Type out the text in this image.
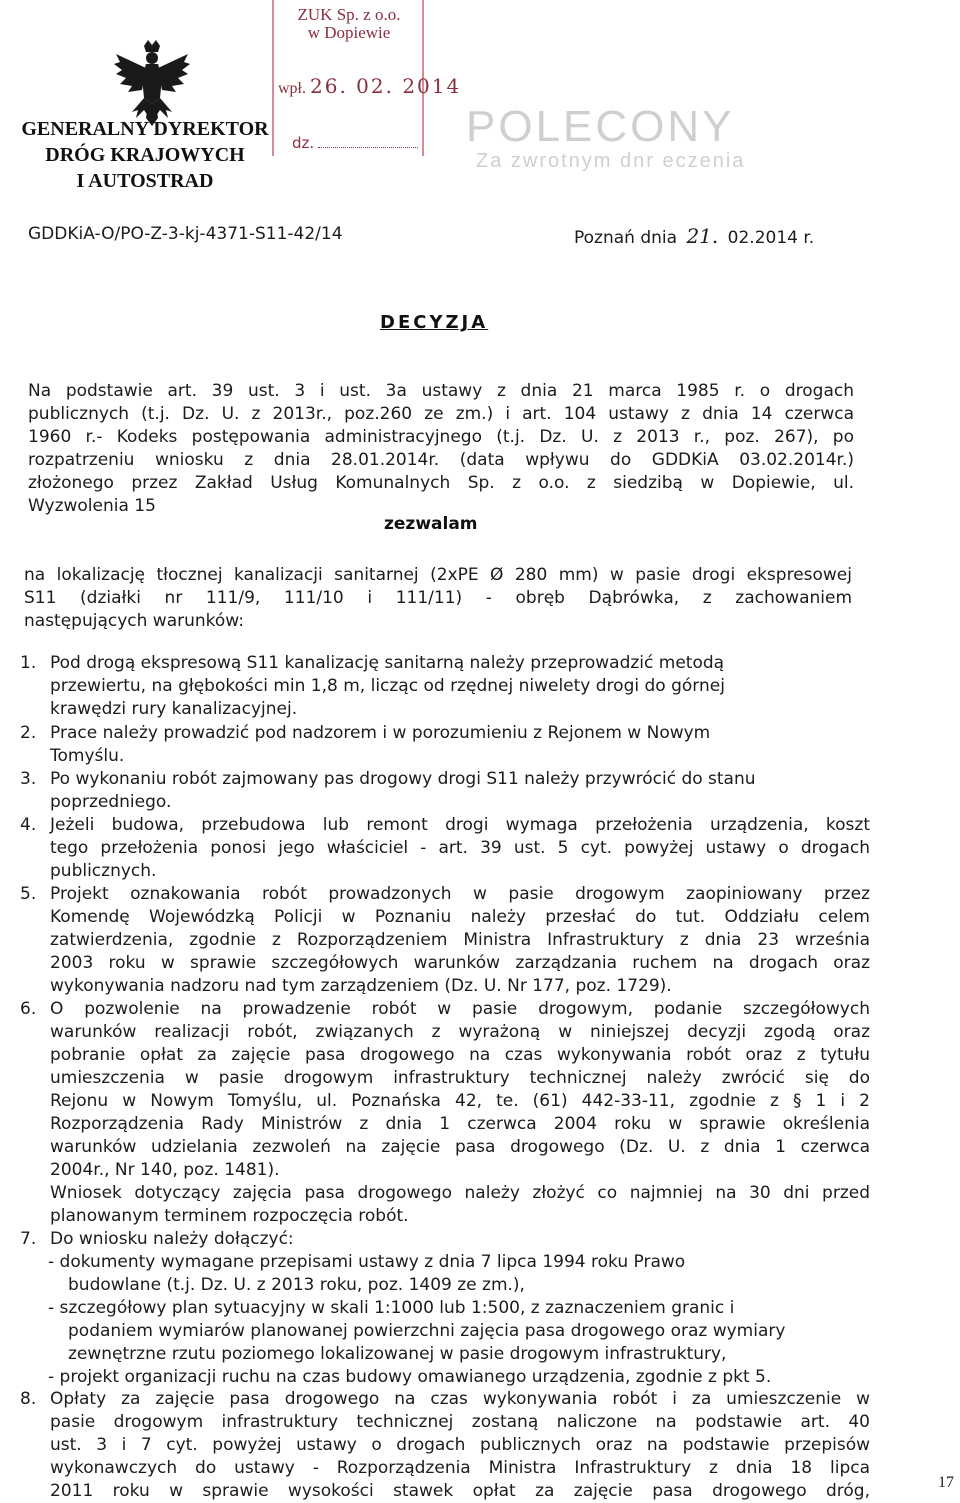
GENERALNY DYREKTOR
DRÓG KRAJOWYCH
I AUTOSTRAD
ZUK Sp. z o.o.
w Dopiewie
wpł. 26. 02. 2014
dz.	POLECONY
Za zwrotnym dnr eczenia
GDDKiA-O/PO-Z-3-kj-4371-S11-42/14	Poznań dnia 21. 02.2014 r.
DECYZJA
Na podstawie art. 39 ust. 3 i ust. 3a ustawy z dnia 21 marca 1985 r. o drogach
publicznych (t.j. Dz. U. z 2013r., poz.260 ze zm.) i art. 104 ustawy z dnia 14 czerwca
1960 r.- Kodeks postępowania administracyjnego (t.j. Dz. U. z 2013 r., poz. 267), po
rozpatrzeniu wniosku z dnia 28.01.2014r. (data wpływu do GDDKiA 03.02.2014r.)
złożonego przez Zakład Usług Komunalnych Sp. z o.o. z siedzibą w Dopiewie, ul.
Wyzwolenia 15
zezwalam
na lokalizację tłocznej kanalizacji sanitarnej (2xPE Ø 280 mm) w pasie drogi ekspresowej
S11 (działki nr 111/9, 111/10 i 111/11) - obręb Dąbrówka, z zachowaniem
następujących warunków:
1. Pod drogą ekspresową S11 kanalizację sanitarną należy przeprowadzić metodą
przewiertu, na głębokości min 1,8 m, licząc od rzędnej niwelety drogi do górnej
krawędzi rury kanalizacyjnej.
2. Prace należy prowadzić pod nadzorem i w porozumieniu z Rejonem w Nowym
Tomyślu.
3. Po wykonaniu robót zajmowany pas drogowy drogi S11 należy przywrócić do stanu
poprzedniego.
4. Jeżeli budowa, przebudowa lub remont drogi wymaga przełożenia urządzenia, koszt
tego przełożenia ponosi jego właściciel - art. 39 ust. 5 cyt. powyżej ustawy o drogach
publicznych.
5. Projekt oznakowania robót prowadzonych w pasie drogowym zaopiniowany przez
Komendę Wojewódzką Policji w Poznaniu należy przesłać do tut. Oddziału celem
zatwierdzenia, zgodnie z Rozporządzeniem Ministra Infrastruktury z dnia 23 września
2003 roku w sprawie szczegółowych warunków zarządzania ruchem na drogach oraz
wykonywania nadzoru nad tym zarządzeniem (Dz. U. Nr 177, poz. 1729).
6. O pozwolenie na prowadzenie robót w pasie drogowym, podanie szczegółowych
warunków realizacji robót, związanych z wyrażoną w niniejszej decyzji zgodą oraz
pobranie opłat za zajęcie pasa drogowego na czas wykonywania robót oraz z tytułu
umieszczenia w pasie drogowym infrastruktury technicznej należy zwrócić się do
Rejonu w Nowym Tomyślu, ul. Poznańska 42, te. (61) 442-33-11, zgodnie z § 1 i 2
Rozporządzenia Rady Ministrów z dnia 1 czerwca 2004 roku w sprawie określenia
warunków udzielania zezwoleń na zajęcie pasa drogowego (Dz. U. z dnia 1 czerwca
2004r., Nr 140, poz. 1481).
Wniosek dotyczący zajęcia pasa drogowego należy złożyć co najmniej na 30 dni przed
planowanym terminem rozpoczęcia robót.
7. Do wniosku należy dołączyć:
- dokumenty wymagane przepisami ustawy z dnia 7 lipca 1994 roku Prawo
budowlane (t.j. Dz. U. z 2013 roku, poz. 1409 ze zm.),
- szczegółowy plan sytuacyjny w skali 1:1000 lub 1:500, z zaznaczeniem granic i
podaniem wymiarów planowanej powierzchni zajęcia pasa drogowego oraz wymiary
zewnętrzne rzutu poziomego lokalizowanej w pasie drogowym infrastruktury,
- projekt organizacji ruchu na czas budowy omawianego urządzenia, zgodnie z pkt 5.
8. Opłaty za zajęcie pasa drogowego na czas wykonywania robót i za umieszczenie w
pasie drogowym infrastruktury technicznej zostaną naliczone na podstawie art. 40
ust. 3 i 7 cyt. powyżej ustawy o drogach publicznych oraz na podstawie przepisów
wykonawczych do ustawy - Rozporządzenia Ministra Infrastruktury z dnia 18 lipca
2011 roku w sprawie wysokości stawek opłat za zajęcie pasa drogowego dróg,	17
